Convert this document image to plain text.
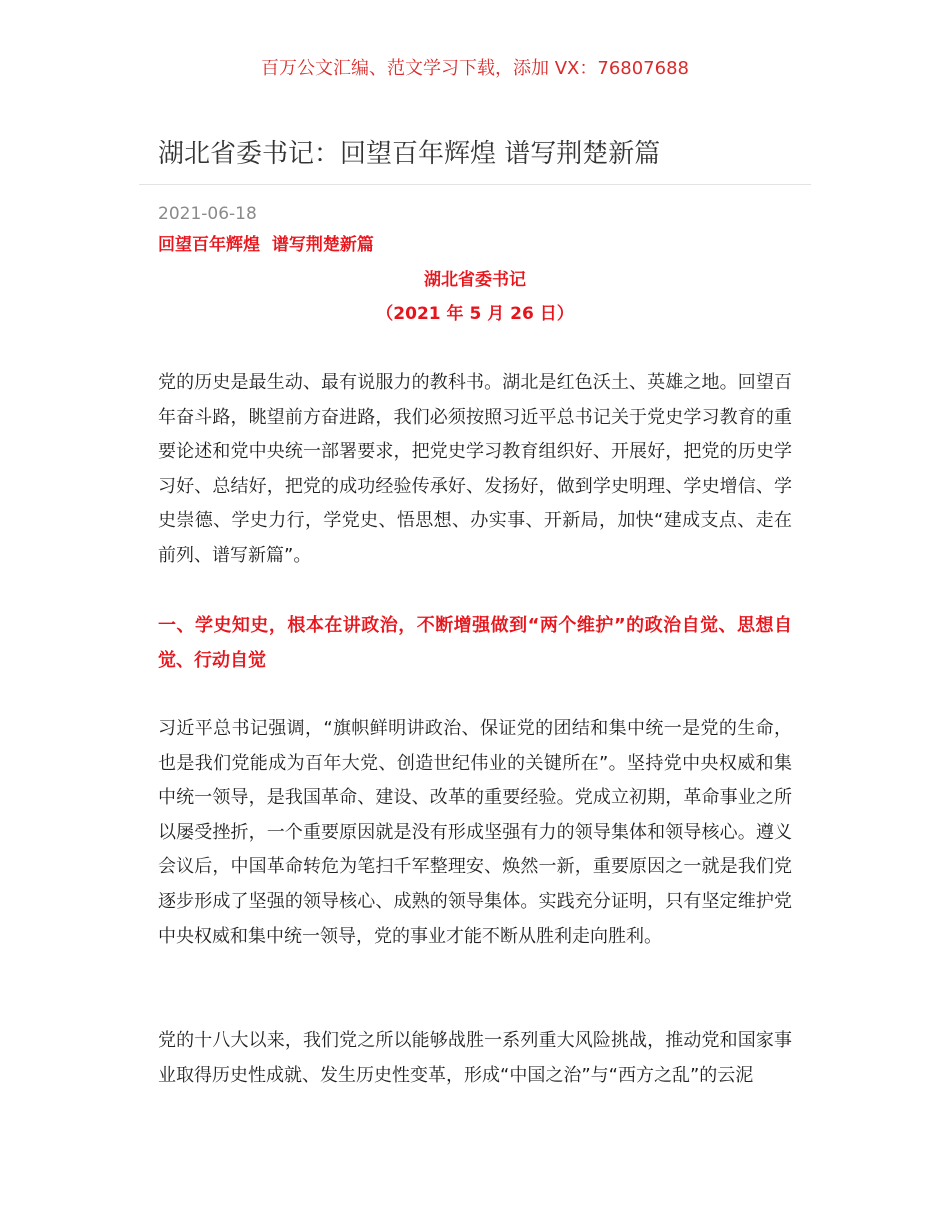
百万公文汇编、范文学习下载，添加 VX：76807688
湖北省委书记：回望百年辉煌 谱写荆楚新篇
2021-06-18
回望百年辉煌  谱写荆楚新篇
湖北省委书记
（2021 年 5 月 26 日）

党的历史是最生动、最有说服力的教科书。湖北是红色沃土、英雄之地。回望百年奋斗路，眺望前方奋进路，我们必须按照习近平总书记关于党史学习教育的重要论述和党中央统一部署要求，把党史学习教育组织好、开展好，把党的历史学习好、总结好，把党的成功经验传承好、发扬好，做到学史明理、学史增信、学史崇德、学史力行，学党史、悟思想、办实事、开新局，加快“建成支点、走在前列、谱写新篇”。

一、学史知史，根本在讲政治，不断增强做到“两个维护”的政治自觉、思想自觉、行动自觉

习近平总书记强调，“旗帜鲜明讲政治、保证党的团结和集中统一是党的生命，也是我们党能成为百年大党、创造世纪伟业的关键所在”。坚持党中央权威和集中统一领导，是我国革命、建设、改革的重要经验。党成立初期，革命事业之所以屡受挫折，一个重要原因就是没有形成坚强有力的领导集体和领导核心。遵义会议后，中国革命转危为笔扫千军整理安、焕然一新，重要原因之一就是我们党逐步形成了坚强的领导核心、成熟的领导集体。实践充分证明，只有坚定维护党中央权威和集中统一领导，党的事业才能不断从胜利走向胜利。

党的十八大以来，我们党之所以能够战胜一系列重大风险挑战，推动党和国家事业取得历史性成就、发生历史性变革，形成“中国之治”与“西方之乱”的云泥
